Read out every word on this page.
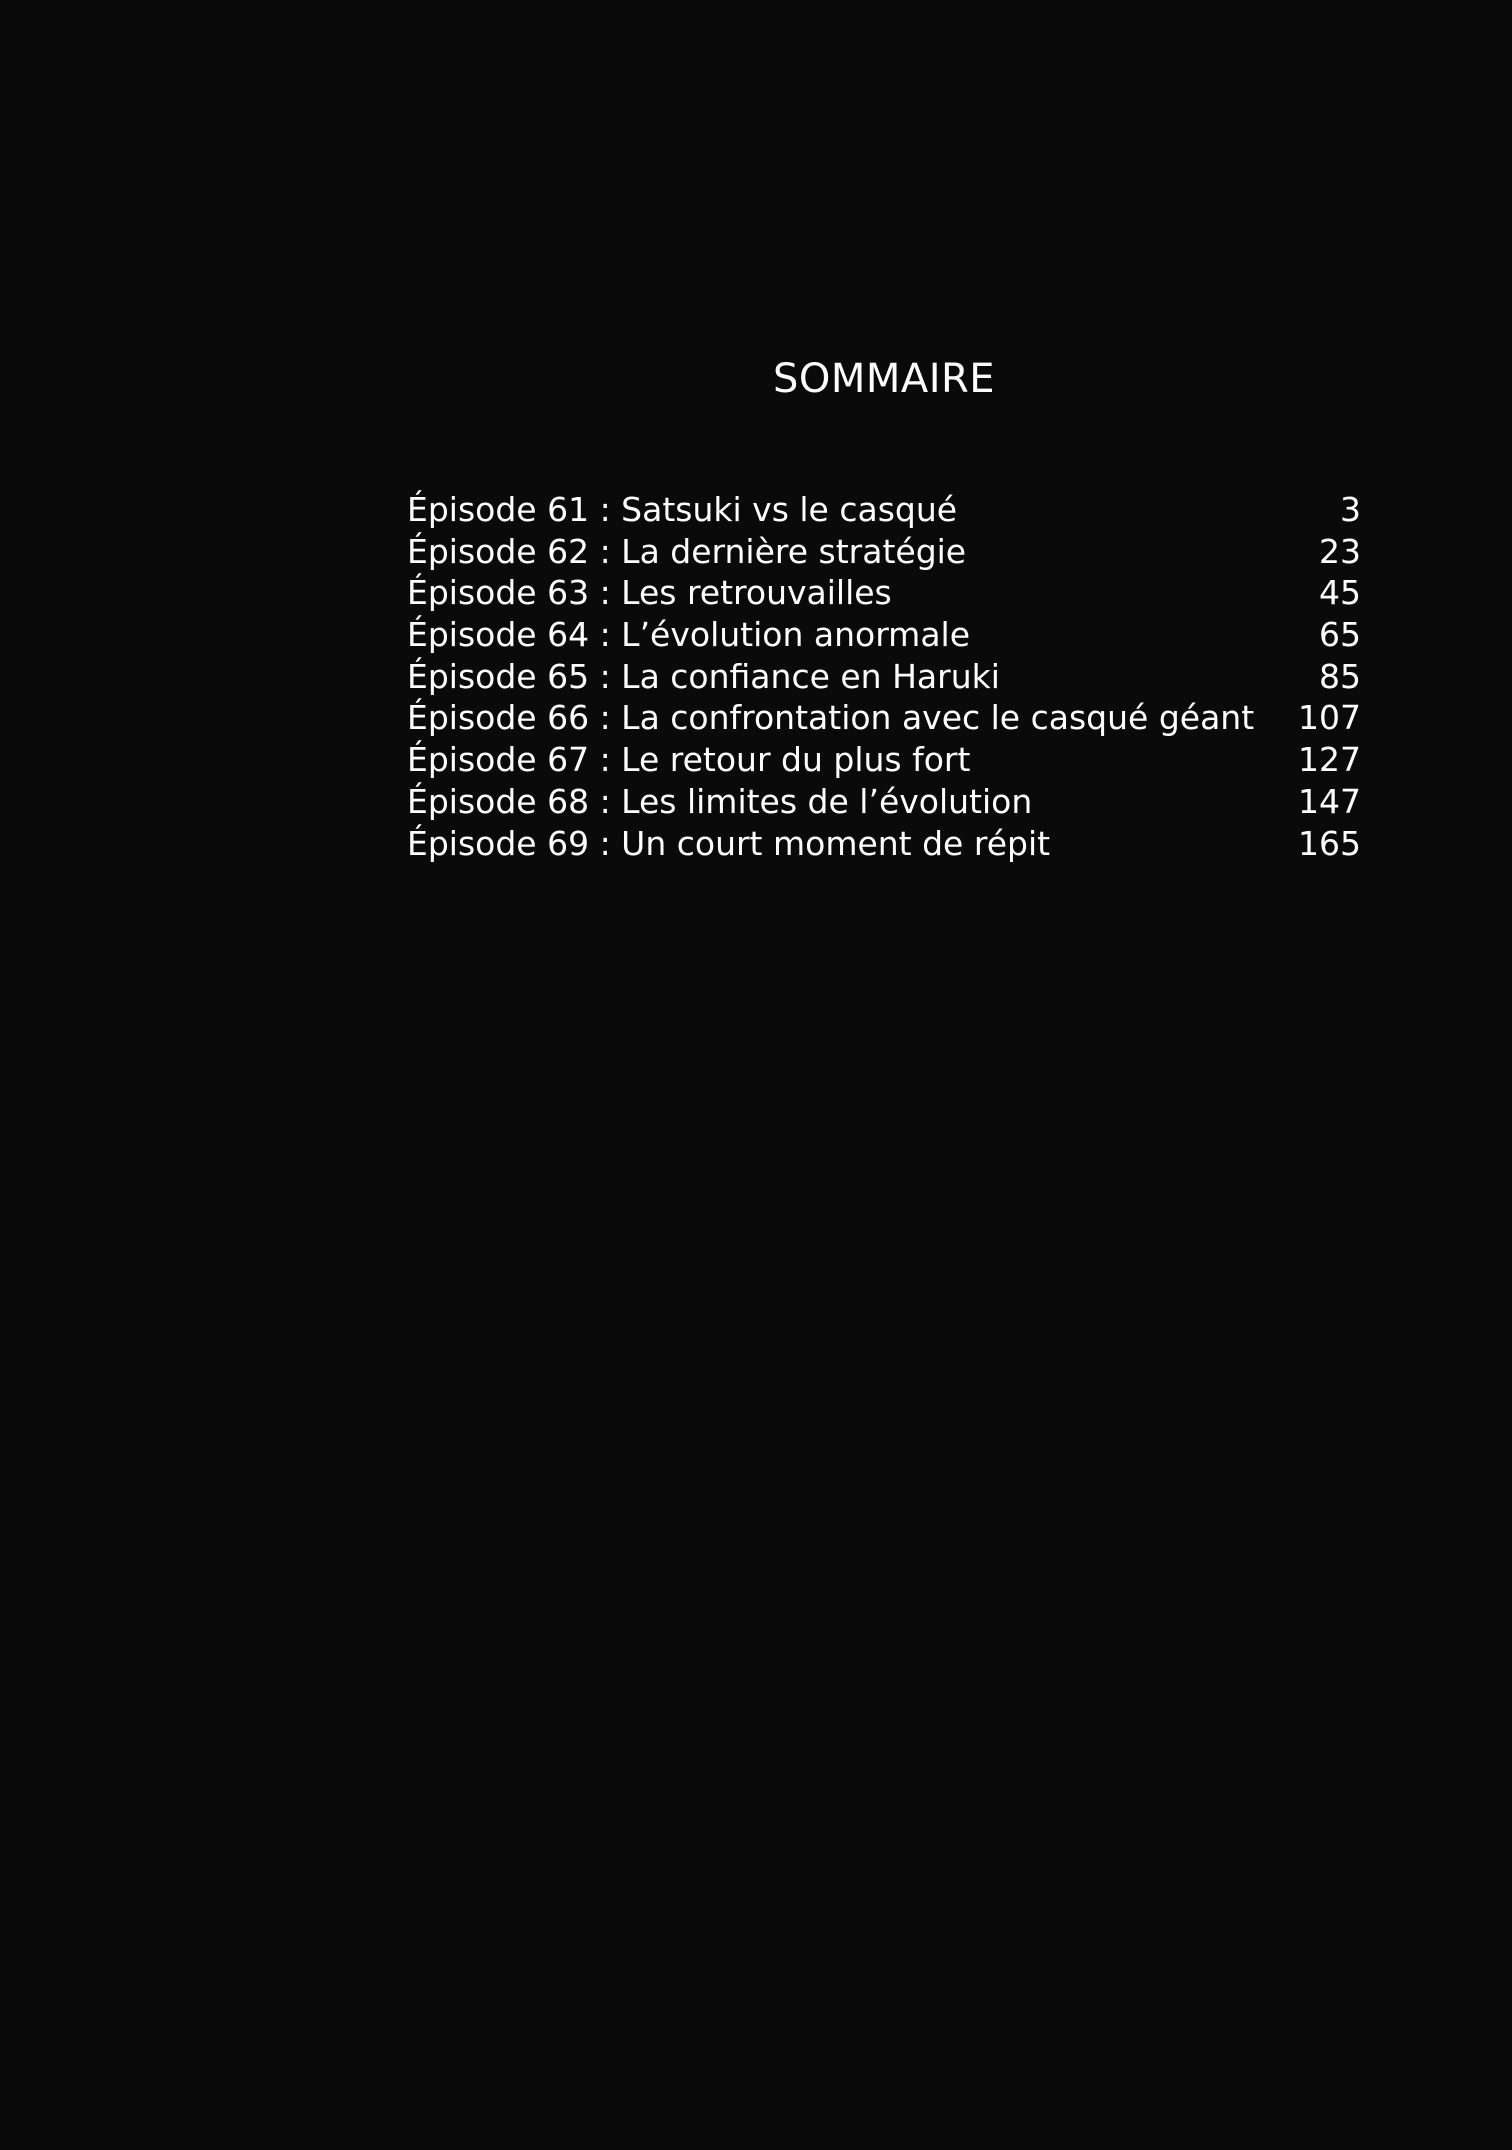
SOMMAIRE
Épisode 61 : Satsuki vs le casqué	3
Épisode 62 : La dernière stratégie	23
Épisode 63 : Les retrouvailles	45
Épisode 64 : L’évolution anormale	65
Épisode 65 : La confiance en Haruki	85
Épisode 66 : La confrontation avec le casqué géant	107
Épisode 67 : Le retour du plus fort	127
Épisode 68 : Les limites de l’évolution	147
Épisode 69 : Un court moment de répit	165
